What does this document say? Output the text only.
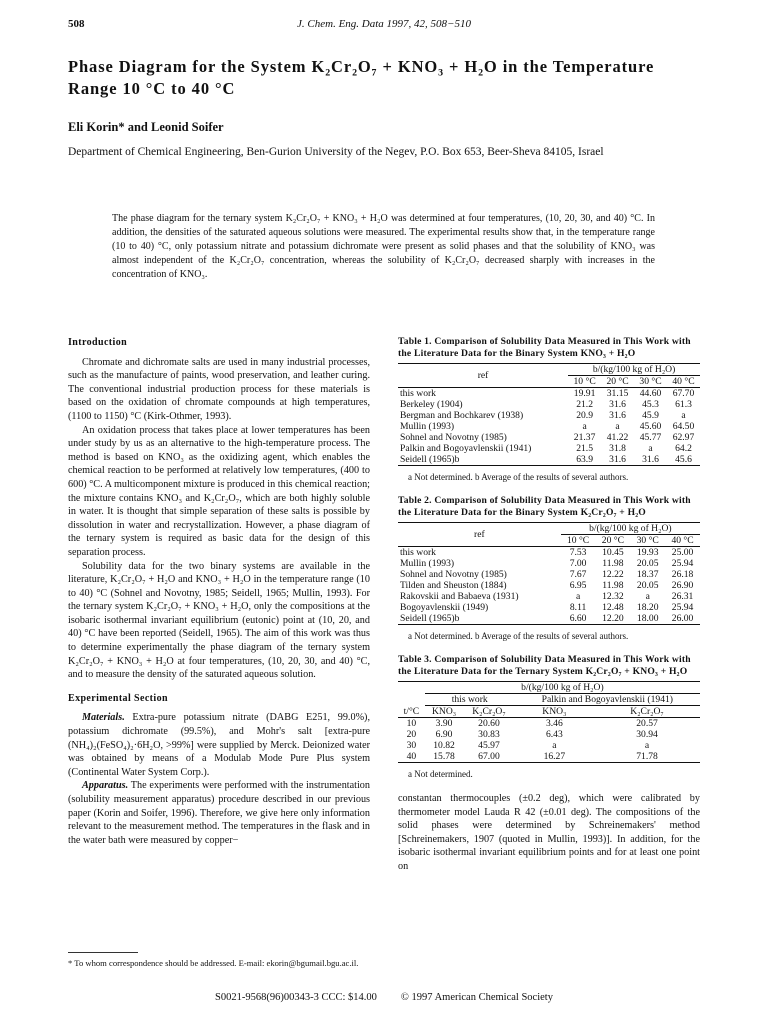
508	J. Chem. Eng. Data 1997, 42, 508−510
Phase Diagram for the System K₂Cr₂O₇ + KNO₃ + H₂O in the Temperature Range 10 °C to 40 °C
Eli Korin* and Leonid Soifer
Department of Chemical Engineering, Ben-Gurion University of the Negev, P.O. Box 653, Beer-Sheva 84105, Israel
The phase diagram for the ternary system K₂Cr₂O₇ + KNO₃ + H₂O was determined at four temperatures, (10, 20, 30, and 40) °C. In addition, the densities of the saturated aqueous solutions were measured. The experimental results show that, in the temperature range (10 to 40) °C, only potassium nitrate and potassium dichromate were present as solid phases and that the solubility of KNO₃ was almost independent of the K₂Cr₂O₇ concentration, whereas the solubility of K₂Cr₂O₇ decreased sharply with increases in the concentration of KNO₃.
Introduction

Chromate and dichromate salts are used in many industrial processes, such as the manufacture of paints, wood preservation, and leather curing. The conventional industrial production process for these materials is based on the oxidation of chromate compounds at high temperatures, (1100 to 1150) °C (Kirk-Othmer, 1993).

An oxidation process that takes place at lower temperatures has been under study by us as an alternative to the high-temperature process. The method is based on KNO₃ as the oxidizing agent, which enables the chemical reaction to be performed at relatively low temperatures, (400 to 600) °C. A multicomponent mixture is produced in this chemical reaction; the mixture contains KNO₃ and K₂Cr₂O₇, which are both highly soluble in water. It is thought that simple separation of these salts is possible by dissolution in water and recrystallization. However, a phase diagram of the ternary system is required as basic data for the design of this separation process.

Solubility data for the two binary systems are available in the literature, K₂Cr₂O₇ + H₂O and KNO₃ + H₂O in the temperature range (10 to 40) °C (Sohnel and Novotny, 1985; Seidell, 1965; Mullin, 1993). For the ternary system K₂Cr₂O₇ + KNO₃ + H₂O, only the compositions at the isobaric isothermal invariant equilibrium (eutonic) point at (10, 20, and 40) °C have been reported (Seidell, 1965). The aim of this work was thus to determine experimentally the phase diagram of the ternary system K₂Cr₂O₇ + KNO₃ + H₂O at four temperatures, (10, 20, 30, and 40) °C, and to measure the density of the saturated aqueous solution.

Experimental Section

Materials. Extra-pure potassium nitrate (DABG E251, 99.0%), potassium dichromate (99.5%), and Mohr's salt [extra-pure (NH₄)₂(FeSO₄)₂·6H₂O, >99%] were supplied by Merck. Deionized water was obtained by means of a Modulab Mode Pure Plus system (Continental Water System Corp.).

Apparatus. The experiments were performed with the instrumentation (solubility measurement apparatus) procedure described in our previous paper (Korin and Soifer, 1996). Therefore, we give here only information relevant to the measurement method. The temperatures in the flask and in the water bath were measured by copper−

* To whom correspondence should be addressed. E-mail: ekorin@bgumail.bgu.ac.il.
Table 1. Comparison of Solubility Data Measured in This Work with the Literature Data for the Binary System KNO₃ + H₂O
ref	b/(kg/100 kg of H₂O)			
	10 °C	20 °C	30 °C	40 °C
this work	19.91	31.15	44.60	67.70
Berkeley (1904)	21.2	31.6	45.3	61.3
Bergman and Bochkarev (1938)	20.9	31.6	45.9	a
Mullin (1993)	a	a	45.60	64.50
Sohnel and Novotny (1985)	21.37	41.22	45.77	62.97
Palkin and Bogoyavlenskii (1941)	21.5	31.8	a	64.2
Seidell (1965)b	63.9	31.6	31.6	45.6
a Not determined. b Average of the results of several authors.
Table 2. Comparison of Solubility Data Measured in This Work with the Literature Data for the Binary System K₂Cr₂O₇ + H₂O
ref	b/(kg/100 kg of H₂O)			
	10 °C	20 °C	30 °C	40 °C
this work	7.53	10.45	19.93	25.00
Mullin (1993)	7.00	11.98	20.05	25.94
Sohnel and Novotny (1985)	7.67	12.22	18.37	26.18
Tilden and Sheuston (1884)	6.95	11.98	20.05	26.90
Rakovskii and Babaeva (1931)	a	12.32	a	26.31
Bogoyavlenskii (1949)	8.11	12.48	18.20	25.94
Seidell (1965)b	6.60	12.20	18.00	26.00
a Not determined. b Average of the results of several authors.
Table 3. Comparison of Solubility Data Measured in This Work with the Literature Data for the Ternary System K₂Cr₂O₇ + KNO₃ + H₂O
	b/(kg/100 kg of H₂O)			
	this work		Palkin and Bogoyavlenskii (1941)	
t/°C	KNO₃	K₂Cr₂O₇	KNO₃	K₂Cr₂O₇
10	3.90	20.60	3.46	20.57
20	6.90	30.83	6.43	30.94
30	10.82	45.97	a	a
40	15.78	67.00	16.27	71.78
a Not determined.

constantan thermocouples (±0.2 deg), which were calibrated by thermometer model Lauda R 42 (±0.01 deg). The compositions of the solid phases were determined by Schreinemakers' method [Schreinemakers, 1907 (quoted in Mullin, 1993)]. In addition, for the isobaric isothermal invariant equilibrium points and for at least one point on

S0021-9568(96)00343-3 CCC: $14.00 © 1997 American Chemical Society
